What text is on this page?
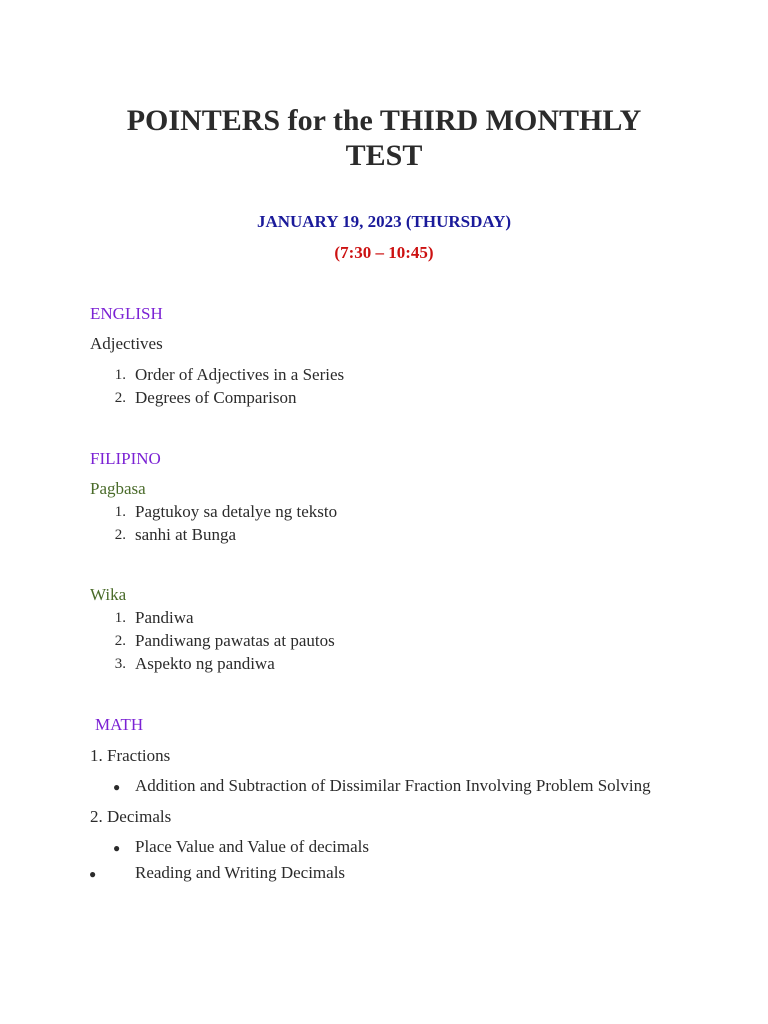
POINTERS for the THIRD MONTHLY TEST
JANUARY 19, 2023 (THURSDAY)
(7:30 – 10:45)
ENGLISH
Adjectives
1. Order of Adjectives in a Series
2. Degrees of Comparison
FILIPINO
Pagbasa
1. Pagtukoy sa detalye ng teksto
2. sanhi at Bunga
Wika
1. Pandiwa
2. Pandiwang pawatas at pautos
3. Aspekto ng pandiwa
MATH
1. Fractions
● Addition and Subtraction of Dissimilar Fraction Involving Problem Solving
2. Decimals
● Place Value and Value of decimals
● Reading and Writing Decimals
